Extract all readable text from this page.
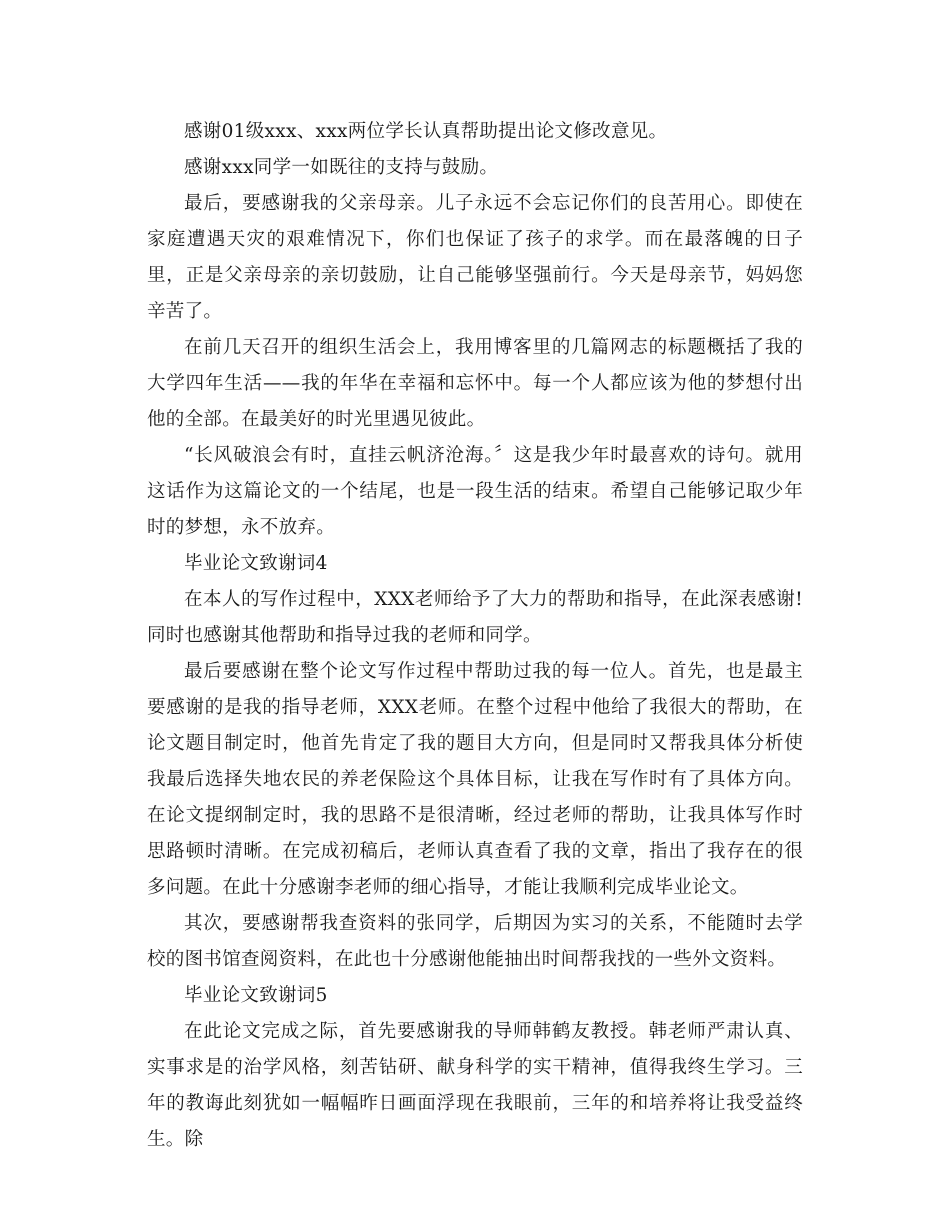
感谢01级xxx、xxx两位学长认真帮助提出论文修改意见。

感谢xxx同学一如既往的支持与鼓励。

最后，要感谢我的父亲母亲。儿子永远不会忘记你们的良苦用心。即使在家庭遭遇天灾的艰难情况下，你们也保证了孩子的求学。而在最落魄的日子里，正是父亲母亲的亲切鼓励，让自己能够坚强前行。今天是母亲节，妈妈您辛苦了。

在前几天召开的组织生活会上，我用博客里的几篇网志的标题概括了我的大学四年生活——我的年华在幸福和忘怀中。每一个人都应该为他的梦想付出他的全部。在最美好的时光里遇见彼此。

“长风破浪会有时，直挂云帆济沧海。〞这是我少年时最喜欢的诗句。就用这话作为这篇论文的一个结尾，也是一段生活的结束。希望自己能够记取少年时的梦想，永不放弃。

毕业论文致谢词4

在本人的写作过程中，XXX老师给予了大力的帮助和指导，在此深表感谢!同时也感谢其他帮助和指导过我的老师和同学。

最后要感谢在整个论文写作过程中帮助过我的每一位人。首先，也是最主要感谢的是我的指导老师，XXX老师。在整个过程中他给了我很大的帮助，在论文题目制定时，他首先肯定了我的题目大方向，但是同时又帮我具体分析使我最后选择失地农民的养老保险这个具体目标，让我在写作时有了具体方向。在论文提纲制定时，我的思路不是很清晰，经过老师的帮助，让我具体写作时思路顿时清晰。在完成初稿后，老师认真查看了我的文章，指出了我存在的很多问题。在此十分感谢李老师的细心指导，才能让我顺利完成毕业论文。

其次，要感谢帮我查资料的张同学，后期因为实习的关系，不能随时去学校的图书馆查阅资料，在此也十分感谢他能抽出时间帮我找的一些外文资料。

毕业论文致谢词5

在此论文完成之际，首先要感谢我的导师韩鹤友教授。韩老师严肃认真、实事求是的治学风格，刻苦钻研、献身科学的实干精神，值得我终生学习。三年的教诲此刻犹如一幅幅昨日画面浮现在我眼前，三年的和培养将让我受益终生。除
